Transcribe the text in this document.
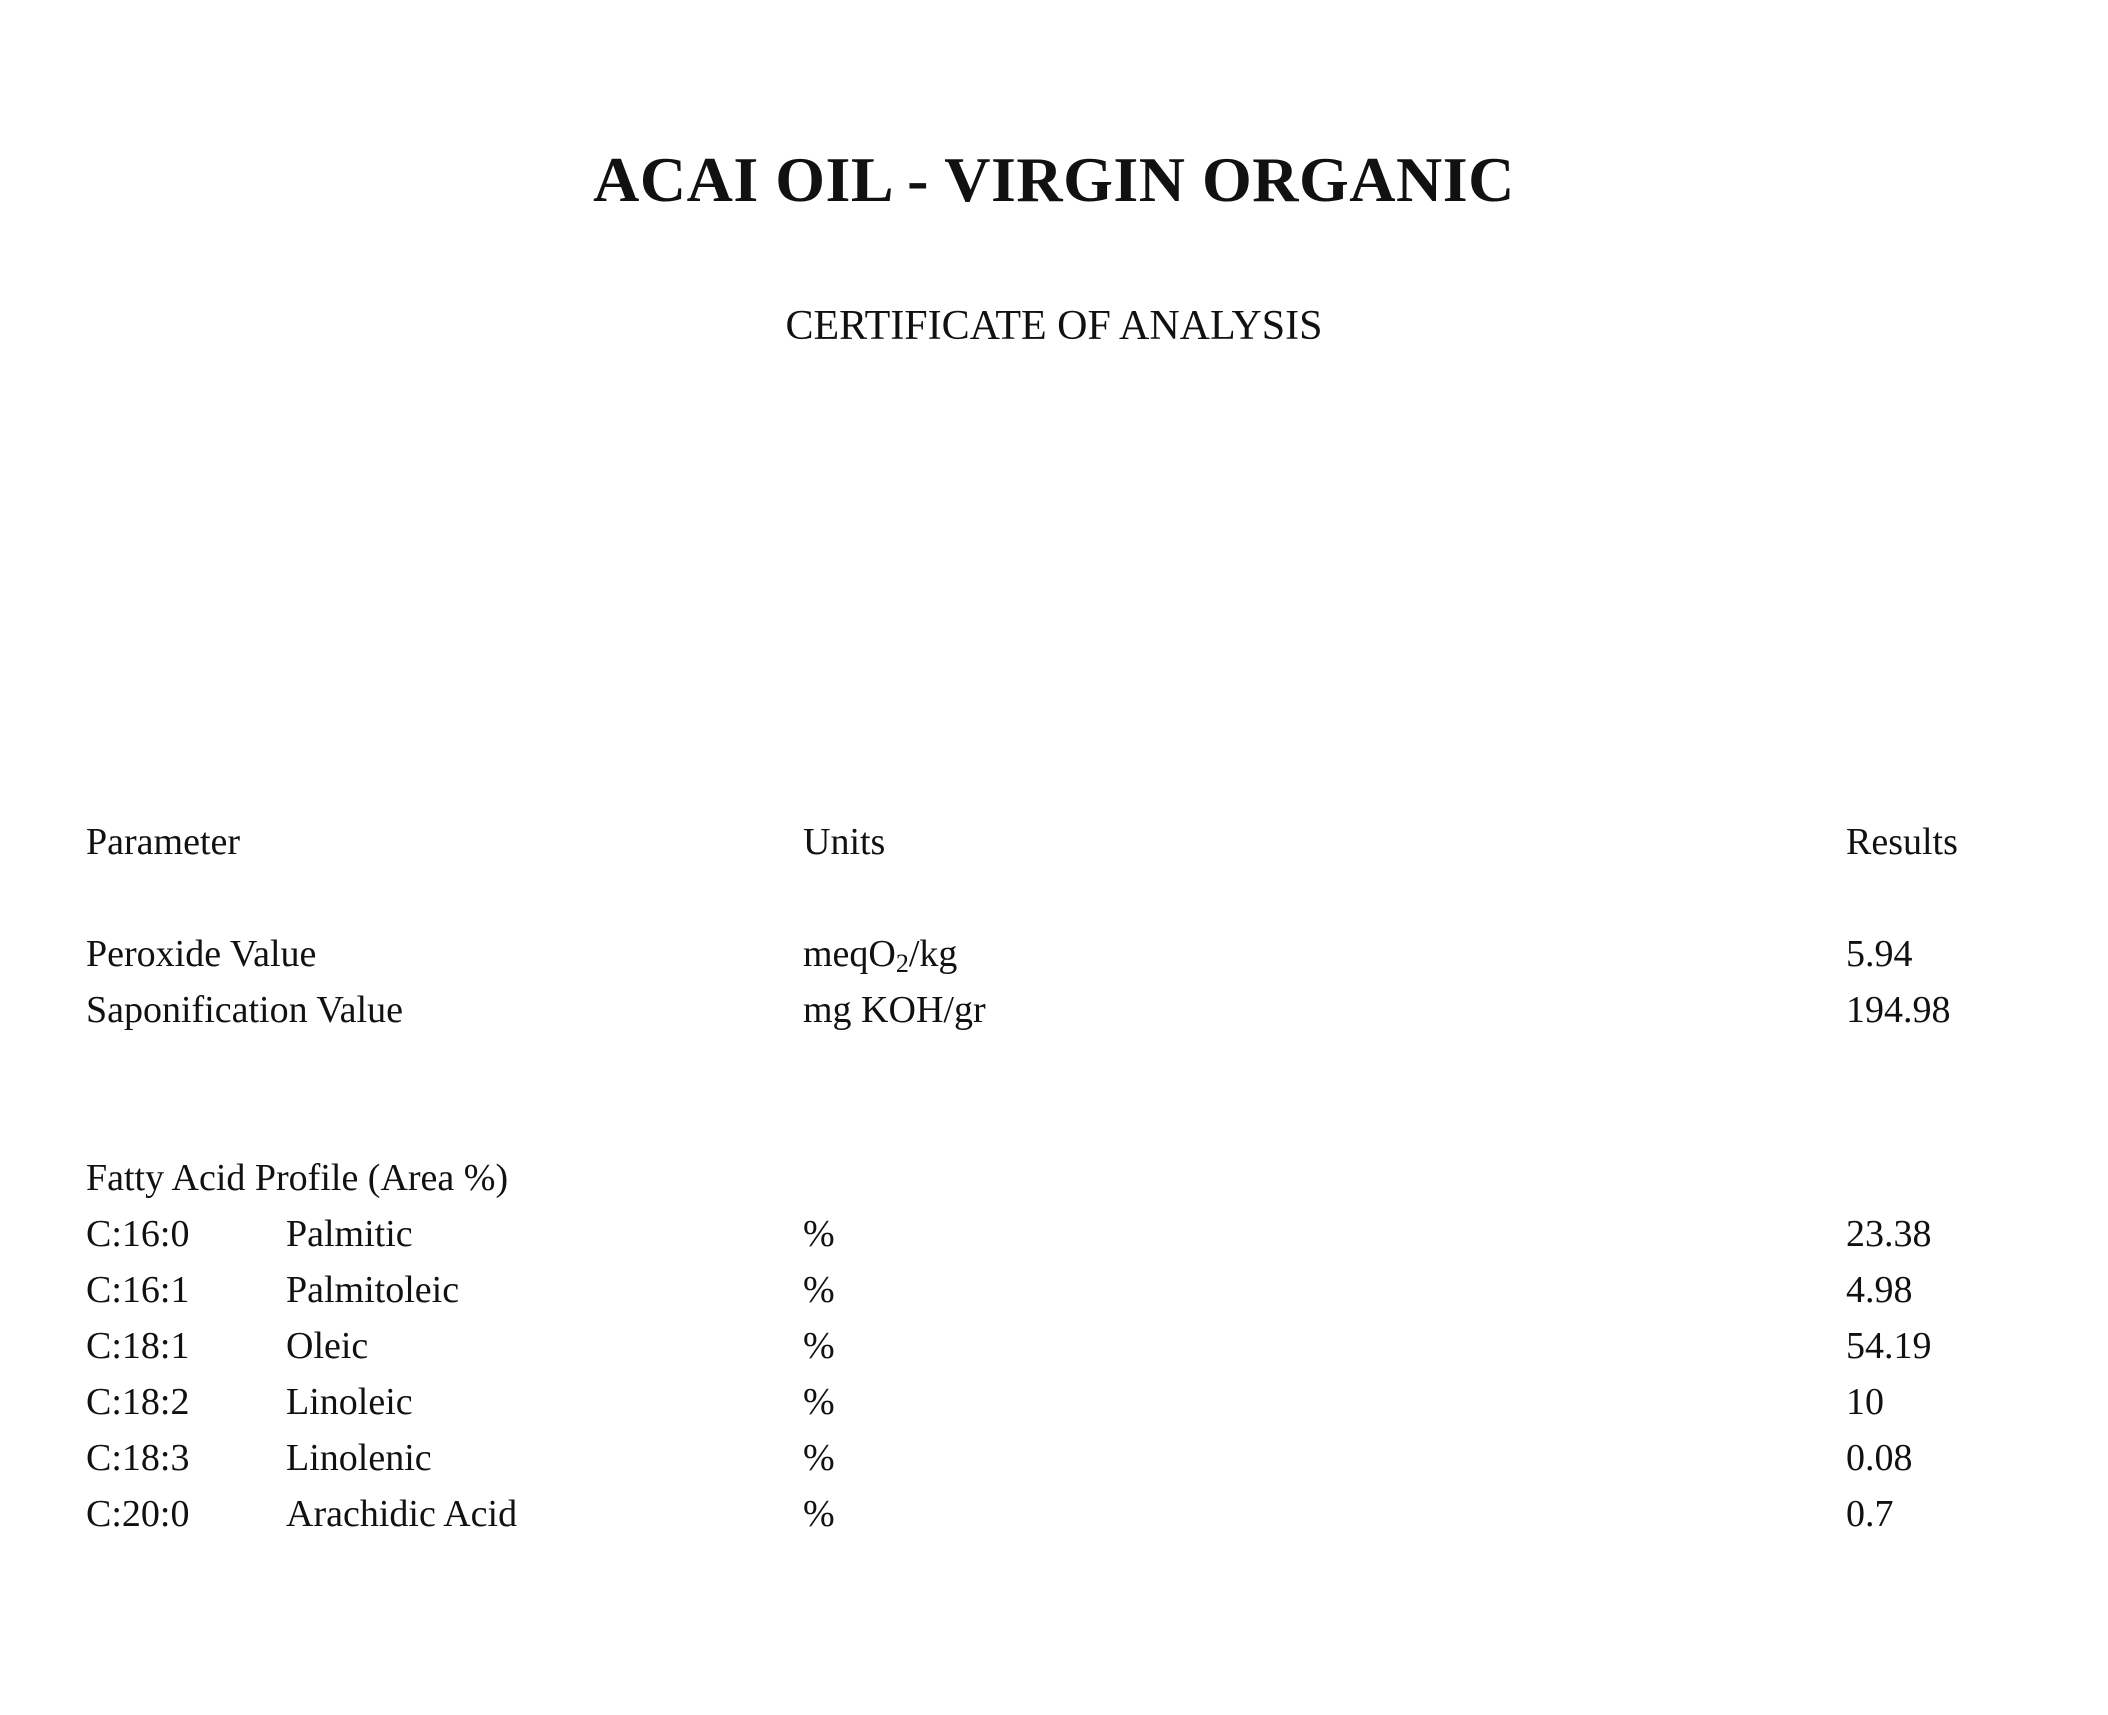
ACAI OIL - VIRGIN ORGANIC
CERTIFICATE OF ANALYSIS
Parameter	Units	Results
Peroxide Value	meqO$_2$/kg	5.94
Saponification Value	mg KOH/gr	194.98
Fatty Acid Profile (Area %)
C:16:0	Palmitic	%	23.38
C:16:1	Palmitoleic	%	4.98
C:18:1	Oleic	%	54.19
C:18:2	Linoleic	%	10
C:18:3	Linolenic	%	0.08
C:20:0	Arachidic Acid	%	0.7
